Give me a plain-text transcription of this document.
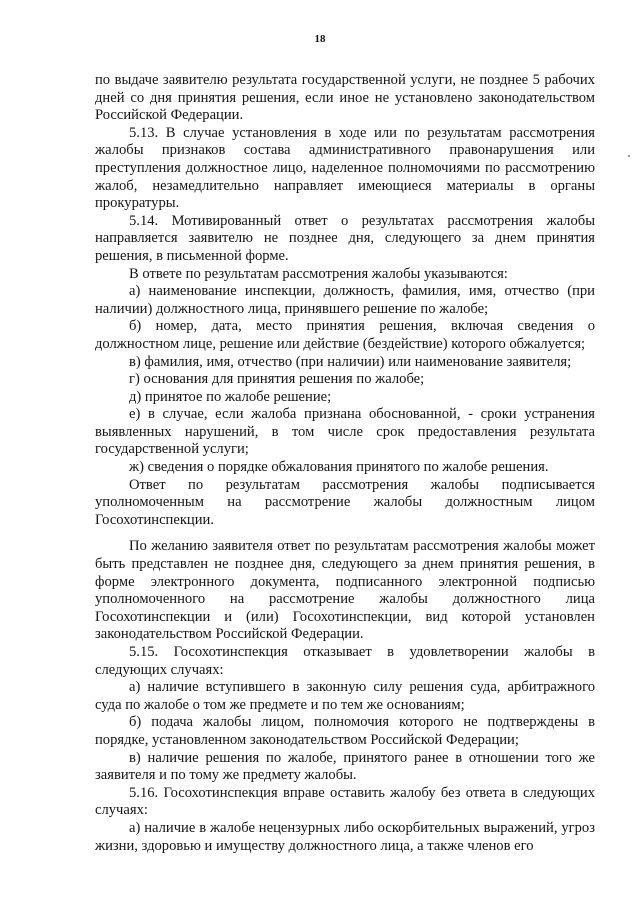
18

по выдаче заявителю результата государственной услуги, не позднее 5 рабочих дней со дня принятия решения, если иное не установлено законодательством Российской Федерации.

5.13. В случае установления в ходе или по результатам рассмотрения жалобы признаков состава административного правонарушения или преступления должностное лицо, наделенное полномочиями по рассмотрению жалоб, незамедлительно направляет имеющиеся материалы в органы прокуратуры.

5.14. Мотивированный ответ о результатах рассмотрения жалобы направляется заявителю не позднее дня, следующего за днем принятия решения, в письменной форме.

В ответе по результатам рассмотрения жалобы указываются:

а) наименование инспекции, должность, фамилия, имя, отчество (при наличии) должностного лица, принявшего решение по жалобе;

б) номер, дата, место принятия решения, включая сведения о должностном лице, решение или действие (бездействие) которого обжалуется;

в) фамилия, имя, отчество (при наличии) или наименование заявителя;

г) основания для принятия решения по жалобе;

д) принятое по жалобе решение;

е) в случае, если жалоба признана обоснованной, - сроки устранения выявленных нарушений, в том числе срок предоставления результата государственной услуги;

ж) сведения о порядке обжалования принятого по жалобе решения.

Ответ по результатам рассмотрения жалобы подписывается уполномоченным на рассмотрение жалобы должностным лицом Госохотинспекции.

По желанию заявителя ответ по результатам рассмотрения жалобы может быть представлен не позднее дня, следующего за днем принятия решения, в форме электронного документа, подписанного электронной подписью уполномоченного на рассмотрение жалобы должностного лица Госохотинспекции и (или) Госохотинспекции, вид которой установлен законодательством Российской Федерации.

5.15. Госохотинспекция отказывает в удовлетворении жалобы в следующих случаях:

а) наличие вступившего в законную силу решения суда, арбитражного суда по жалобе о том же предмете и по тем же основаниям;

б) подача жалобы лицом, полномочия которого не подтверждены в порядке, установленном законодательством Российской Федерации;

в) наличие решения по жалобе, принятого ранее в отношении того же заявителя и по тому же предмету жалобы.

5.16. Госохотинспекция вправе оставить жалобу без ответа в следующих случаях:

а) наличие в жалобе нецензурных либо оскорбительных выражений, угроз жизни, здоровью и имуществу должностного лица, а также членов его
